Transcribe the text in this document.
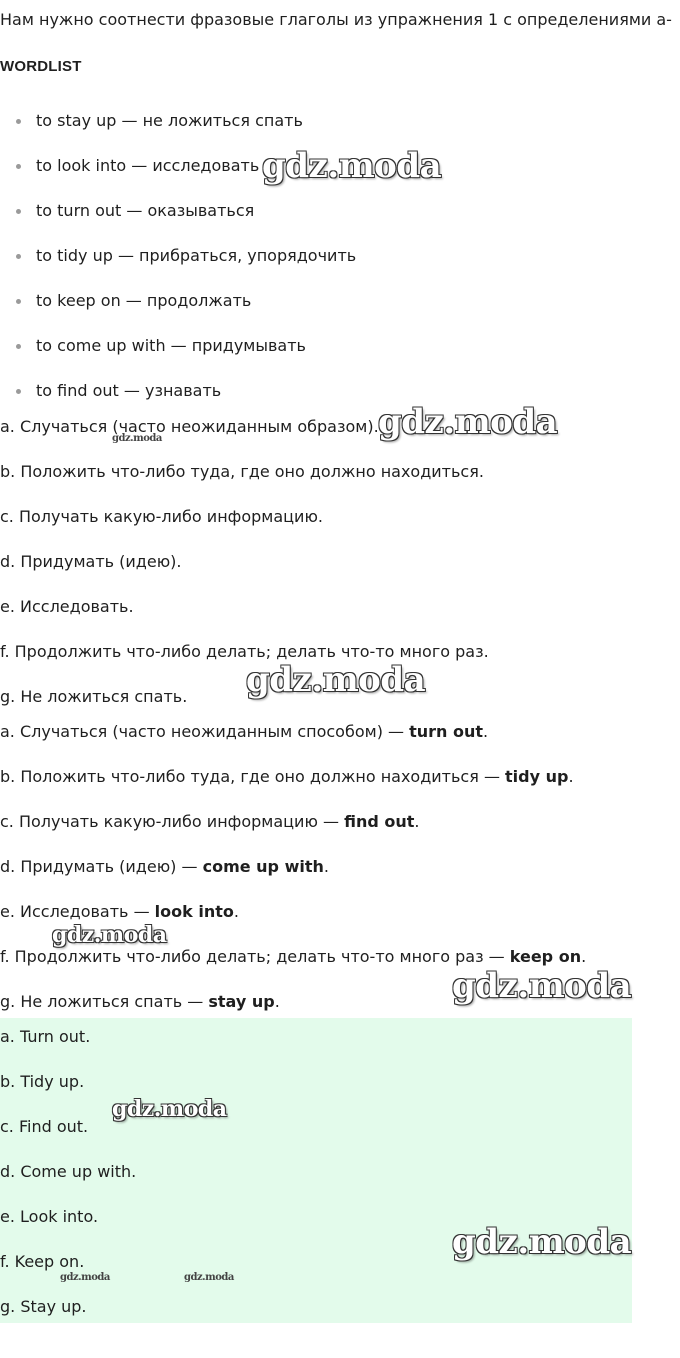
Нам нужно соотнести фразовые глаголы из упражнения 1 с определениями a-
WORDLIST
to stay up — не ложиться спать
to look into — исследовать
to turn out — оказываться
to tidy up — прибраться, упорядочить
to keep on — продолжать
to come up with — придумывать
to find out — узнавать
a. Случаться (часто неожиданным образом).
b. Положить что-либо туда, где оно должно находиться.
c. Получать какую-либо информацию.
d. Придумать (идею).
e. Исследовать.
f. Продолжить что-либо делать; делать что-то много раз.
g. Не ложиться спать.
a. Случаться (часто неожиданным способом) — turn out.
b. Положить что-либо туда, где оно должно находиться — tidy up.
c. Получать какую-либо информацию — find out.
d. Придумать (идею) — come up with.
e. Исследовать — look into.
f. Продолжить что-либо делать; делать что-то много раз — keep on.
g. Не ложиться спать — stay up.
a. Turn out.
b. Tidy up.
c. Find out.
d. Come up with.
e. Look into.
f. Keep on.
g. Stay up.
gdz.moda
gdz.moda
gdz.moda
gdz.moda
gdz.moda
gdz.moda
gdz.moda
gdz.moda
gdz.moda	gdz.moda
